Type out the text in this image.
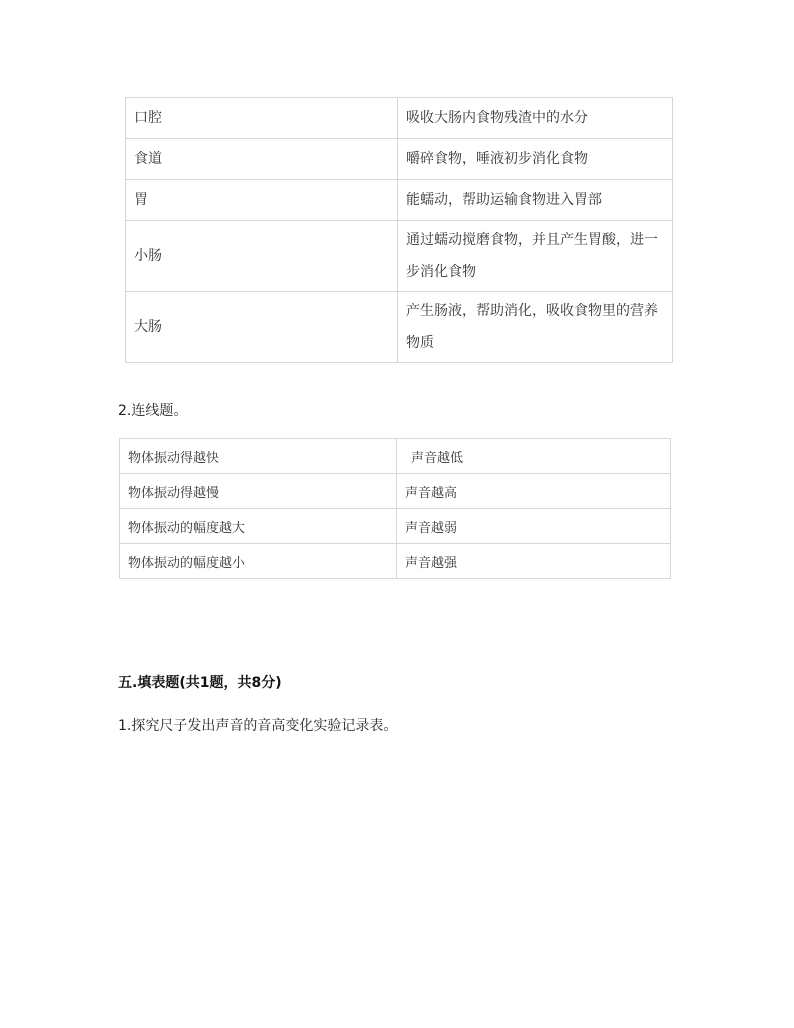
口腔	吸收大肠内食物残渣中的水分
食道	嚼碎食物，唾液初步消化食物
胃	能蠕动，帮助运输食物进入胃部
小肠	通过蠕动搅磨食物，并且产生胃酸，进一步消化食物
大肠	产生肠液，帮助消化，吸收食物里的营养物质
2.连线题。
物体振动得越快	声音越低
物体振动得越慢	声音越高
物体振动的幅度越大	声音越弱
物体振动的幅度越小	声音越强
五.填表题(共1题，共8分)
1.探究尺子发出声音的音高变化实验记录表。
